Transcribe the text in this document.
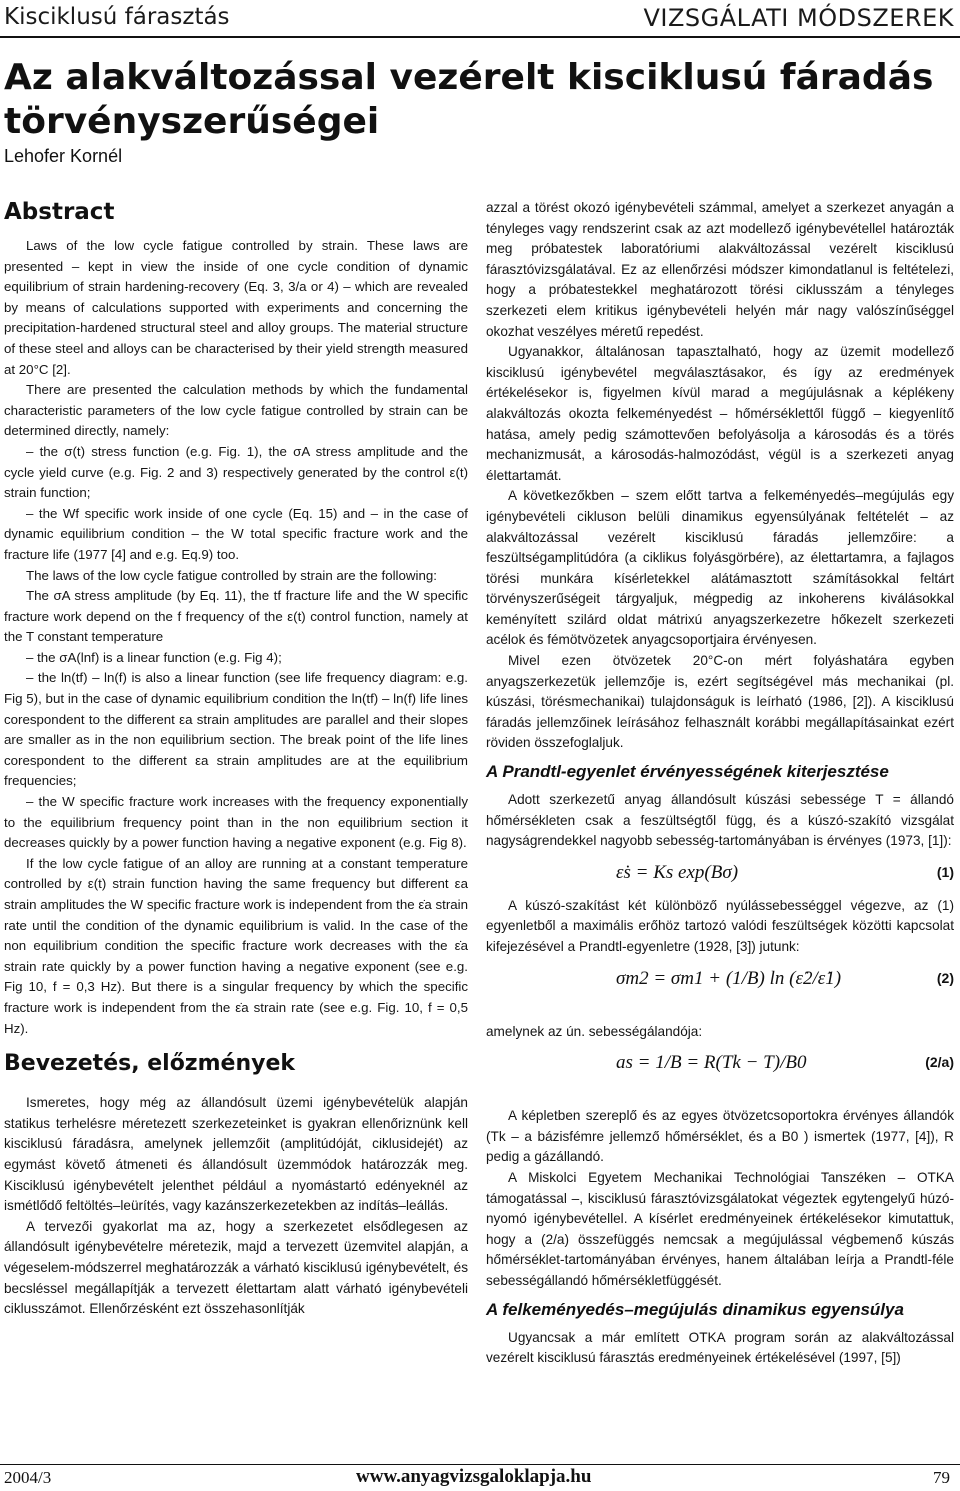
Kisciklusú fárasztás	VIZSGÁLATI MÓDSZEREK
Az alakváltozással vezérelt kisciklusú fáradás törvényszerűségei
Lehofer Kornél
Abstract

Laws of the low cycle fatigue controlled by strain. These laws are presented – kept in view the inside of one cycle condition of dynamic equilibrium of strain hardening-recovery (Eq. 3, 3/a or 4) – which are revealed by means of calculations supported with experiments and concerning the precipitation-hardened structural steel and alloy groups. The material structure of these steel and alloys can be characterised by their yield strength measured at 20°C [2].

There are presented the calculation methods by which the fundamental characteristic parameters of the low cycle fatigue controlled by strain can be determined directly, namely:

– the σ(t) stress function (e.g. Fig. 1), the σA stress amplitude and the cycle yield curve (e.g. Fig. 2 and 3) respectively generated by the control ε(t) strain function;

– the Wf specific work inside of one cycle (Eq. 15) and – in the case of dynamic equilibrium condition – the W total specific fracture work and the fracture life (1977 [4] and e.g. Eq.9) too.

The laws of the low cycle fatigue controlled by strain are the following:

The σA stress amplitude (by Eq. 11), the tf fracture life and the W specific fracture work depend on the f frequency of the ε(t) control function, namely at the T constant temperature

– the σA(lnf) is a linear function (e.g. Fig 4);

– the ln(tf) – ln(f) is also a linear function (see life frequency diagram: e.g. Fig 5), but in the case of dynamic equilibrium condition the ln(tf) – ln(f) life lines corespondent to the different εa strain amplitudes are parallel and their slopes are smaller as in the non equilibrium section. The break point of the life lines corespondent to the different εa strain amplitudes are at the equilibrium frequencies;

– the W specific fracture work increases with the frequency exponentially to the equilibrium frequency point than in the non equilibrium section it decreases quickly by a power function having a negative exponent (e.g. Fig 8).

If the low cycle fatigue of an alloy are running at a constant temperature controlled by ε(t) strain function having the same frequency but different εa strain amplitudes the W specific fracture work is independent from the ε̇a strain rate until the condition of the dynamic equilibrium is valid. In the case of the non equilibrium condition the specific fracture work decreases with the ε̇a strain rate quickly by a power function having a negative exponent (see e.g. Fig 10, f = 0,3 Hz). But there is a singular frequency by which the specific fracture work is independent from the ε̇a strain rate (see e.g. Fig. 10, f = 0,5 Hz).

Bevezetés, előzmények

Ismeretes, hogy még az állandósult üzemi igénybevételük alapján statikus terhelésre méretezett szerkezeteinket is gyakran ellenőriznünk kell kisciklusú fáradásra, amelynek jellemzőit (amplitúdóját, ciklusidejét) az egymást követő átmeneti és állandósult üzemmódok határozzák meg. Kisciklusú igénybevételt jelenthet például a nyomástartó edényeknél az ismétlődő feltöltés–leürítés, vagy kazánszerkezetekben az indítás–leállás.

A tervezői gyakorlat ma az, hogy a szerkezetet elsődlegesen az állandósult igénybevételre méretezik, majd a tervezett üzemvitel alapján, a végeselem-módszerrel meghatározzák a várható kisciklusú igénybevételt, és becsléssel megállapítják a tervezett élettartam alatt várható igénybevételi ciklusszámot. Ellenőrzésként ezt összehasonlítják

azzal a törést okozó igénybevételi számmal, amelyet a szerkezet anyagán a tényleges vagy rendszerint csak az azt modellező igénybevétellel határozták meg próbatestek laboratóriumi alakváltozással vezérelt kisciklusú fárasztóvizsgálatával. Ez az ellenőrzési módszer kimondatlanul is feltételezi, hogy a próbatestekkel meghatározott törési ciklusszám a tényleges szerkezeti elem kritikus igénybevételi helyén már nagy valószínűséggel okozhat veszélyes méretű repedést.

Ugyanakkor, általánosan tapasztalható, hogy az üzemit modellező kisciklusú igénybevétel megválasztásakor, és így az eredmények értékelésekor is, figyelmen kívül marad a megújulásnak a képlékeny alakváltozás okozta felkeményedést – hőmérséklettől függő – kiegyenlítő hatása, amely pedig számottevően befolyásolja a károsodás és a törés mechanizmusát, a károsodás-halmozódást, végül is a szerkezeti anyag élettartamát.

A következőkben – szem előtt tartva a felkeményedés–megújulás egy igénybevételi cikluson belüli dinamikus egyensúlyának feltételét – az alakváltozással vezérelt kisciklusú fáradás jellemzőire: a feszültségamplitúdóra (a ciklikus folyásgörbére), az élettartamra, a fajlagos törési munkára kísérletekkel alátámasztott számításokkal feltárt törvényszerűségeit tárgyaljuk, mégpedig az inkoherens kiválásokkal keményített szilárd oldat mátrixú anyagszerkezetre hőkezelt szerkezeti acélok és fémötvözetek anyagcsoportjaira érvényesen.

Mivel ezen ötvözetek 20°C-on mért folyáshatára egyben anyagszerkezetük jellemzője is, ezért segítségével más mechanikai (pl. kúszási, törésmechanikai) tulajdonságuk is leírható (1986, [2]). A kisciklusú fáradás jellemzőinek leírásához felhasznált korábbi megállapításainkat ezért röviden összefoglaljuk.

A Prandtl-egyenlet érvényességének kiterjesztése

Adott szerkezetű anyag állandósult kúszási sebessége T = állandó hőmérsékleten csak a feszültségtől függ, és a kúszó-szakító vizsgálat nagyságrendekkel nagyobb sebesség-tartományában is érvényes (1973, [1]):

ε̇s = Ks exp(Bσ)	(1)

A kúszó-szakítást két különböző nyúlássebességgel végezve, az (1) egyenletből a maximális erőhöz tartozó valódi feszültségek közötti kapcsolat kifejezésével a Prandtl-egyenletre (1928, [3]) jutunk:

σm2 = σm1 + (1/B) ln (ε̇2/ε̇1)	(2)

amelynek az ún. sebességálandója:

as = 1/B = R(Tk − T)/B0	(2/a)

A képletben szereplő és az egyes ötvözetcsoportokra érvényes állandók (Tk – a bázisfémre jellemző hőmérséklet, és a B0 ) ismertek (1977, [4]), R pedig a gázállandó.

A Miskolci Egyetem Mechanikai Technológiai Tanszéken – OTKA támogatással –, kisciklusú fárasztóvizsgálatokat végeztek egytengelyű húzó-nyomó igénybevétellel. A kísérlet eredményeinek értékelésekor kimutattuk, hogy a (2/a) összefüggés nemcsak a megújulással végbemenő kúszás hőmérséklet-tartományában érvényes, hanem általában leírja a Prandtl-féle sebességállandó hőmérsékletfüggését.

A felkeményedés–megújulás dinamikus egyensúlya

Ugyancsak a már említett OTKA program során az alakváltozással vezérelt kisciklusú fárasztás eredményeinek értékelésével (1997, [5])

2004/3	www.anyagvizsgaloklapja.hu	79
